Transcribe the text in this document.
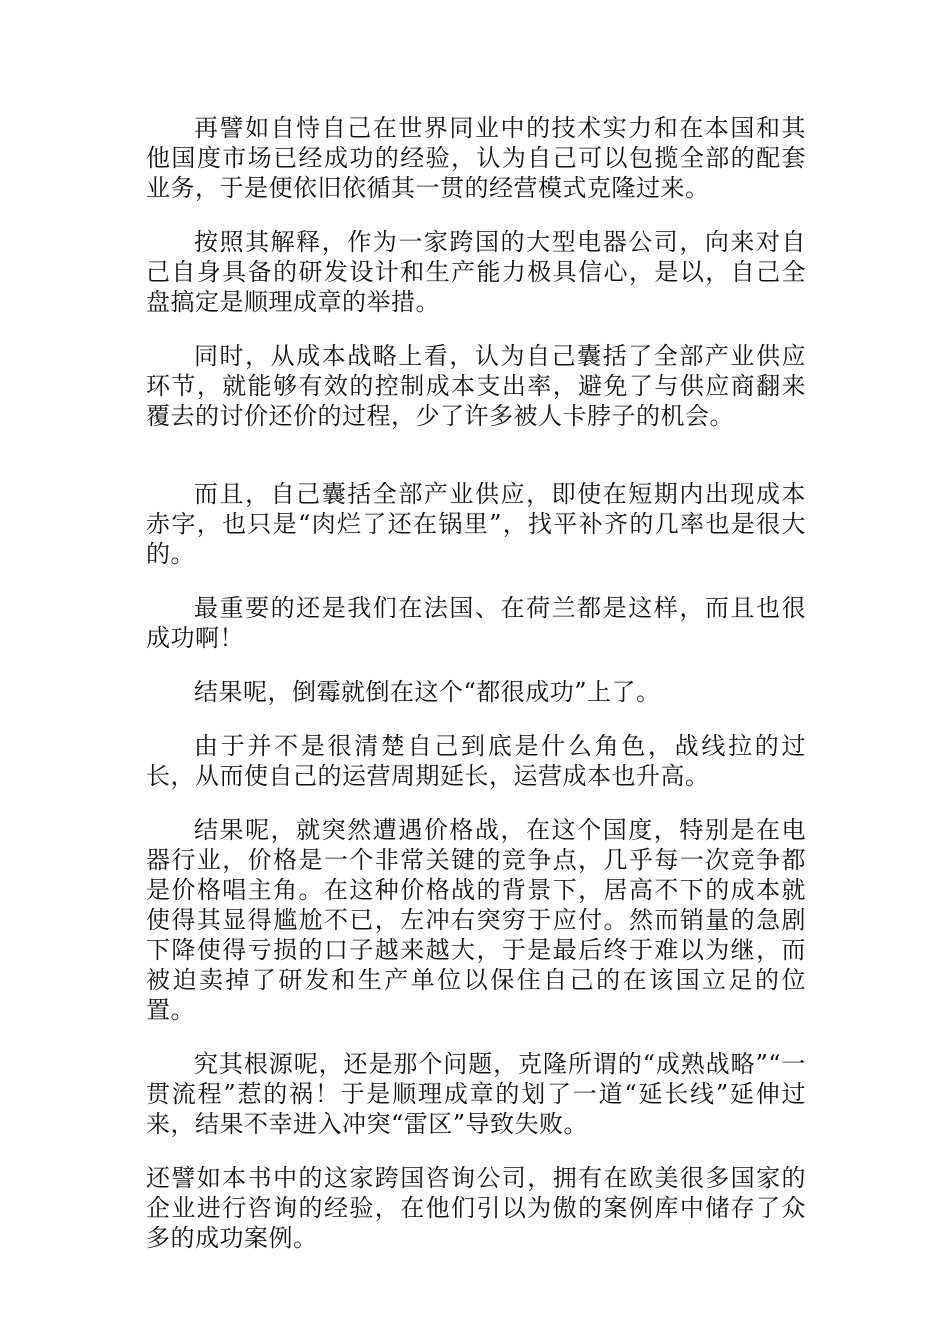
再譬如自恃自己在世界同业中的技术实力和在本国和其他国度市场已经成功的经验，认为自己可以包揽全部的配套业务，于是便依旧依循其一贯的经营模式克隆过来。

按照其解释，作为一家跨国的大型电器公司，向来对自己自身具备的研发设计和生产能力极具信心，是以，自己全盘搞定是顺理成章的举措。

同时，从成本战略上看，认为自己囊括了全部产业供应环节，就能够有效的控制成本支出率，避免了与供应商翻来覆去的讨价还价的过程，少了许多被人卡脖子的机会。

而且，自己囊括全部产业供应，即使在短期内出现成本赤字，也只是“肉烂了还在锅里”，找平补齐的几率也是很大的。

最重要的还是我们在法国、在荷兰都是这样，而且也很成功啊！

结果呢，倒霉就倒在这个“都很成功”上了。

由于并不是很清楚自己到底是什么角色，战线拉的过长，从而使自己的运营周期延长，运营成本也升高。

结果呢，就突然遭遇价格战，在这个国度，特别是在电器行业，价格是一个非常关键的竞争点，几乎每一次竞争都是价格唱主角。在这种价格战的背景下，居高不下的成本就使得其显得尴尬不已，左冲右突穷于应付。然而销量的急剧下降使得亏损的口子越来越大，于是最后终于难以为继，而被迫卖掉了研发和生产单位以保住自己的在该国立足的位置。

究其根源呢，还是那个问题，克隆所谓的“成熟战略”“一贯流程”惹的祸！于是顺理成章的划了一道“延长线”延伸过来，结果不幸进入冲突“雷区”导致失败。

还譬如本书中的这家跨国咨询公司，拥有在欧美很多国家的企业进行咨询的经验，在他们引以为傲的案例库中储存了众多的成功案例。
